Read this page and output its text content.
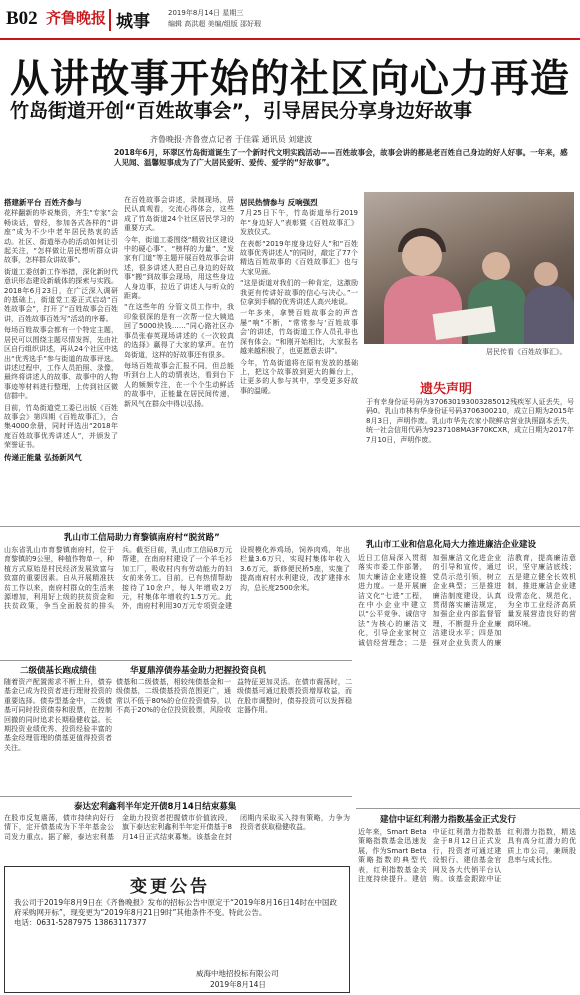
B02 齐鲁晚报 城事	2019年8月14日 星期三
编辑 高洪超 美编/组版 邵好瑕
从讲故事开始的社区向心力再造
竹岛街道开创“百姓故事会”，引导居民分享身边好故事
齐鲁晚报·齐鲁壹点记者 于佳霖 通讯员 刘建波
2018年6月，环翠区竹岛街道诞生了一个新时代文明实践活动——百姓故事会，故事会讲的都是老百姓自己身边的好人好事。一年来，感人见闻、温馨短事成为了广大居民爱听、爱传、爱学的“好故事”。
搭建新平台 百姓齐参与
花样翻新的毕说集资，齐生“专家”会畅谈话，曾经，参加各式各样的“讲座”成为不少中老年居民热衷的活动。社区、街道举办的活动如何让引起关注，“怎样做让居民想听群众讲故事，怎样群众讲故事”。
街道工委创新工作举措，深化新时代意识形态建设新载体的探索与实践。2018年6月23日，在广泛深入调研的基础上，街道党工委正式启动“百姓故事会”，打开了“百姓故事会百姓讲，百姓故事百姓写”活动的序幕。
每场百姓故事会都有一个特定主题，居民可以围绕主题尽情发挥，先由社区自行组织讲述，再从24个社区中选出“优秀选手”参与街道的故事评选。讲述过程中，工作人员拍照、录像，最终将讲述人的故事、故事中的人物事迹等材料进行整理，上传到社区微信群中。
目前，竹岛街道党工委已出版《百姓故事会》第四期《百姓故事汇》，合集4000余册，同时评选出“2018年度百姓故事优秀讲述人”，并颁发了荣誉证书。
传递正能量 弘扬新风气
在百姓故事会讲述，录制现场，居民认真观看，交流心得体会，这些成了竹岛街道24个社区居民学习的重要方式。
今年，街道工委围绕“精致社区建设中的硬心事”、“榜样的力量”、“发家有门道”等主题开展百姓故事会讲述，很多讲述人把自己身边的好故事“搬”到故事会现场，用这些身边人身边事，拉近了讲述人与听众的距离。
“在这些年的 分管文员工作中，我印象很深的是有一次帮一位大姨追回了5000块钱……”同心路社区办事员张春英现场讲述的《一次较真的选择》赢得了大家的掌声。在竹岛街道，这样的好故事还有很多。
每场百姓故事会汇报不同，但总能听到台上人的动情表达，看到台下人的频频专注，在一个个生动鲜活的故事中，正能量在居民间传递，新风气在群众中得以弘扬。
居民热情参与 反响强烈
7月25日下午，竹岛街道举行2019年“身边好人”表彰暨《百姓故事汇》发放仪式。
在表彰“2019年度身边好人”和“百姓故事优秀讲述人”的同时，敲定了77个精选百姓故事的《百姓故事汇》也与大家见面。
“这是街道对我们的一种肯定，这激励我更有传讲好故事的信心与决心。”一位拿到手稿的优秀讲述人高兴地说。
一年多来，拿赞百姓故事会的声音屡“响”不断，“常常参与‘百姓故事会’的讲述，竹岛街道工作人员孔非也深有体会。“和刚开始相比，大家报名越来越积极了，也更愿意去讲”。
今年，竹岛街道将在原有发放的基础上，把这个故事放到更大的舞台上，让更多的人参与其中，享受更多好故事的温暖。
居民传看《百姓故事汇》。
遗失声明
于有幸身份证号码为370630193003285012残疾军人证丢失，号码0。乳山市林有华身份证号码3706300210，成立日期为2015年8月3日，声明作废。乳山市华先衣家小院鲜店营业执照副本丢失，统一社会信用代码为9237108MA3F70KCXR，成立日期为2017年7月10日，声明作废。
乳山市工信局助力育黎镇南府村“脱贫路”
山东省乳山市育黎镇南府村，位于育黎镇的9公里，种植作物单一，种植方式原始是村民经济发展致富与致富的重要因素。自从开展精准扶贫工作以来，南府村群众的生活来源增加，利用好上级的扶贫资金和扶贫政策，争当全面脱贫的排头兵。截至目前，乳山市工信局8万元帮建，在南府村建设了一个羊毛衫加工厂，吸收村内有劳动能力的妇女前来务工。目前，已有热情帮助接待了10余户，每人年增收2万元，村集体年增收约1.5万元。此外，南府村利用30万元专项资金建设规模化养鸡场，饲养肉鸡，年出栏量3.6万只，实现村集体年收入3.6万元，新修便民桥5座，实施了提高南府村水利建设，改扩建排水沟，总长度2500余米。
乳山市工业和信息化局大力推进廉洁企业建设
近日工信局深入贯彻落实市委工作部署，加大廉洁企业建设推进力度。一是开展廉洁文化“七进”工程，在中小企业中建立以“公平竞争、诚信守法”为核心的廉洁文化，引导企业家树立诚信经营理念；二是加强廉洁文化进企业的引导和宣传，通过党员示范引领，树立企业典型；三是推进廉洁制度建设，认真贯彻落实廉洁规定，加强企业内部监督管理，不断提升企业廉洁建设水平；四是加强对企业负责人的廉洁教育，提高廉洁意识，坚守廉洁底线；五是建立健全长效机制，推进廉洁企业建设常态化、规范化，为全市工业经济高质量发展营造良好的营商环境。
二级债基长跑成绩佳
随着资产配置需求不断上升，债券基金已成为投资者进行理财投资的重要选择。债券型基金中，二级债基可同时投资债券和股票，在控制回撤的同时追求长期稳健收益。长期投资业绩优秀、投资经验丰富的基金经理管理的债基更值得投资者关注。
华夏鼎淳债券基金助力把握投资良机
债基和二级债基，相较纯债基金和一级债基，二级债基投资范围更广，通常以不低于80%的仓位投资债券，以不高于20%的仓位投资股票，风险收益特征更加灵活。在债市震荡时，二级债基可通过股票投资增厚收益，而在股市调整时，债券投资可以发挥稳定器作用。
泰达宏利鑫利半年定开债8月14日结束募集
在股市反复震荡，债市持续向好行情下，定开债基成为下半年基金公司发力重点。据了解，泰达宏利基金助力投资者把握债市价值波段，旗下泰达宏利鑫利半年定开债基于8月14日正式结束募集。该基金在封闭期内采取买入持有策略，力争为投资者获取稳健收益。
建信中证红利潜力指数基金正式发行
近年来，Smart Beta策略指数基金迅速发展，作为Smart Beta策略指数的典型代表，红利指数基金关注度持续提升。建信中证红利潜力指数基金于8月12日正式发行，投资者可通过建设银行、建信基金官网及各大代销平台认购。该基金跟踪中证红利潜力指数，精选具有高分红潜力的优质上市公司，兼顾股息率与成长性。
变更公告
我公司于2019年8月9日在《齐鲁晚报》发布的招标公告中原定于“2019年8月16日14时在中国政府采购网开标”，现变更为“2019年8月21日9时”其他条件不变。特此公告。
电话：0631-5287975 13863117377
威海中地招投标有限公司
2019年8月14日
